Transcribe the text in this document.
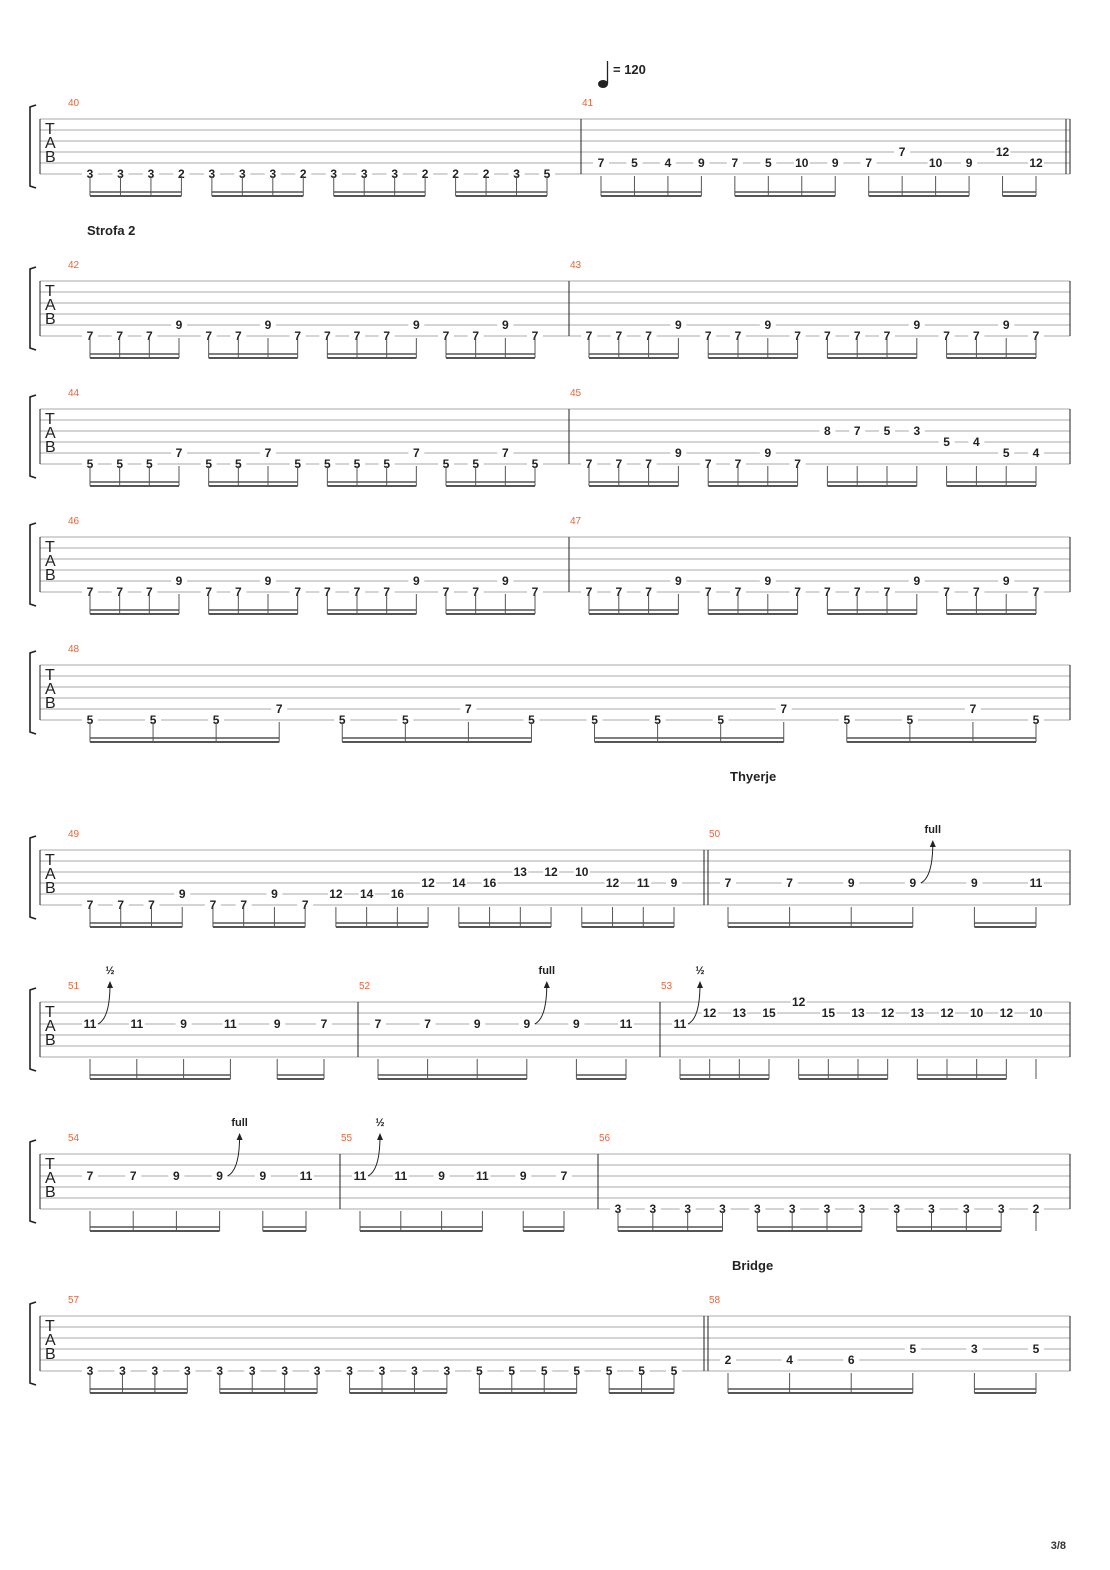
= 120
T
A
B
40
3 3 3 2 3 3 3 2 3 3 3 2 2 2 3 5
41
7 5 4 9 7 5 10 9 7
7
10 9
12
12
T
A
B
42
7 7 7
9
7 7
9
7 7 7 7
9
7 7
9
7
43
7 7 7
9
7 7
9
7 7 7 7
9
7 7
9
7
T
A
B
44
5 5 5
7
5 5
7
5 5 5 5
7
5 5
7
5
45
7 7 7
9
7 7
9
7
8 7 5 3
5 4
5 4
T
A
B
46
7 7 7
9
7 7
9
7 7 7 7
9
7 7
9
7
47
7 7 7
9
7 7
9
7 7 7 7
9
7 7
9
7
T
A
B
48
5	5	5
7
5	5
7
5	5	5	5
7
5	5
7
5
T
A
B
49
7 7 7
9
7 7
9
7
12 14 16
12 14 16
13 12 10
12 11 9
50
7	7	9	9
full
9	11
T
A
B
51
11
½
11	9	11	9	7
52
7	7	9	9
full
9	11
53
11
½
12 13 15
12
15 13 12 13 12 10 12 10
T
A
B
54
7	7	9	9
full
9	11
55
11
½
11	9	11	9	7
56
3 3 3 3 3 3 3 3 3 3 3 3 2
T
A
B
57
3 3 3 3 3 3 3 3 3 3 3 3 5 5 5 5 5 5 5
58
2	4	6
5	3	5
Strofa 2
Thyerje
Bridge
3/8
